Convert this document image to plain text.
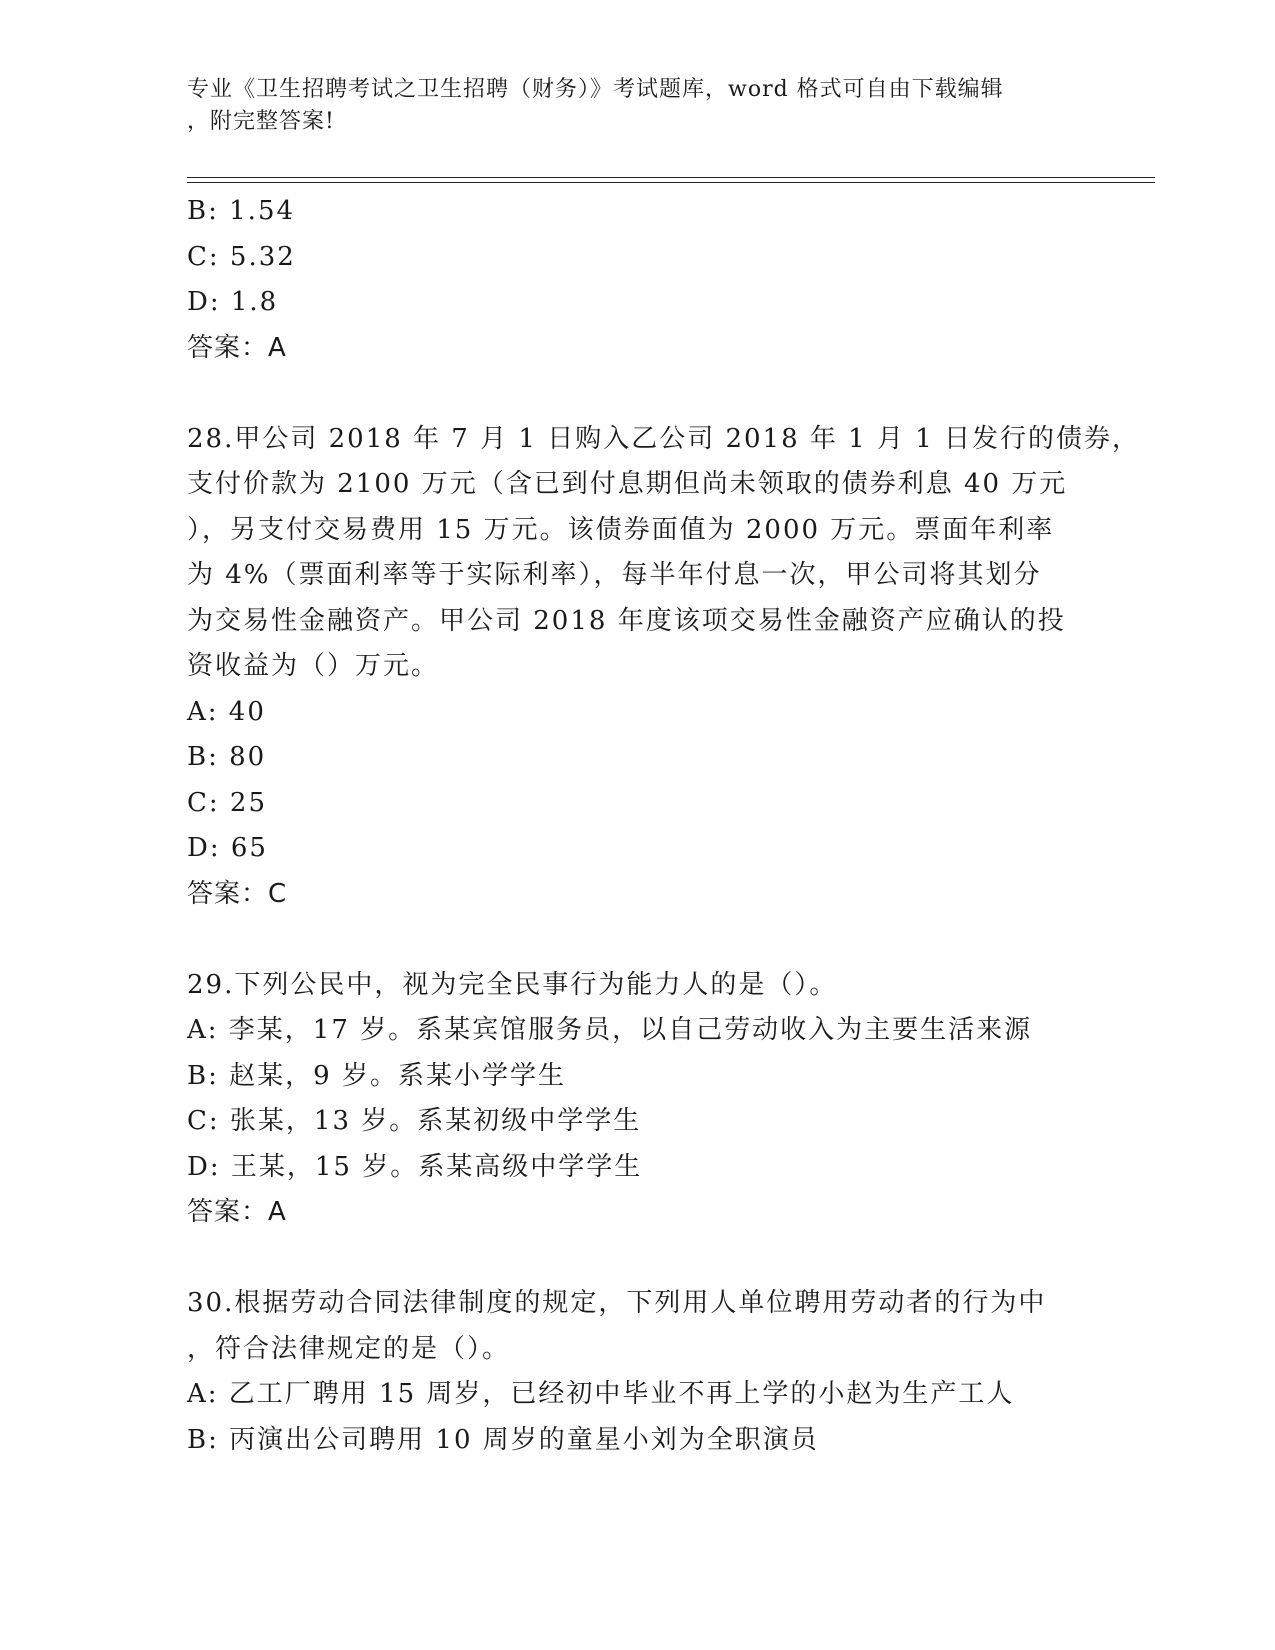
专业《卫生招聘考试之卫生招聘（财务）》考试题库，word 格式可自由下载编辑
，附完整答案!
B: 1.54
C: 5.32
D: 1.8
答案：A
28.甲公司 2018 年 7 月 1 日购入乙公司 2018 年 1 月 1 日发行的债券，
支付价款为 2100 万元（含已到付息期但尚未领取的债券利息 40 万元
），另支付交易费用 15 万元。该债券面值为 2000 万元。票面年利率
为 4%（票面利率等于实际利率），每半年付息一次，甲公司将其划分
为交易性金融资产。甲公司 2018 年度该项交易性金融资产应确认的投
资收益为（）万元。
A: 40
B: 80
C: 25
D: 65
答案：C
29.下列公民中，视为完全民事行为能力人的是（）。
A: 李某，17 岁。系某宾馆服务员，以自己劳动收入为主要生活来源
B: 赵某，9 岁。系某小学学生
C: 张某，13 岁。系某初级中学学生
D: 王某，15 岁。系某高级中学学生
答案：A
30.根据劳动合同法律制度的规定，下列用人单位聘用劳动者的行为中
，符合法律规定的是（）。
A: 乙工厂聘用 15 周岁，已经初中毕业不再上学的小赵为生产工人
B: 丙演出公司聘用 10 周岁的童星小刘为全职演员
